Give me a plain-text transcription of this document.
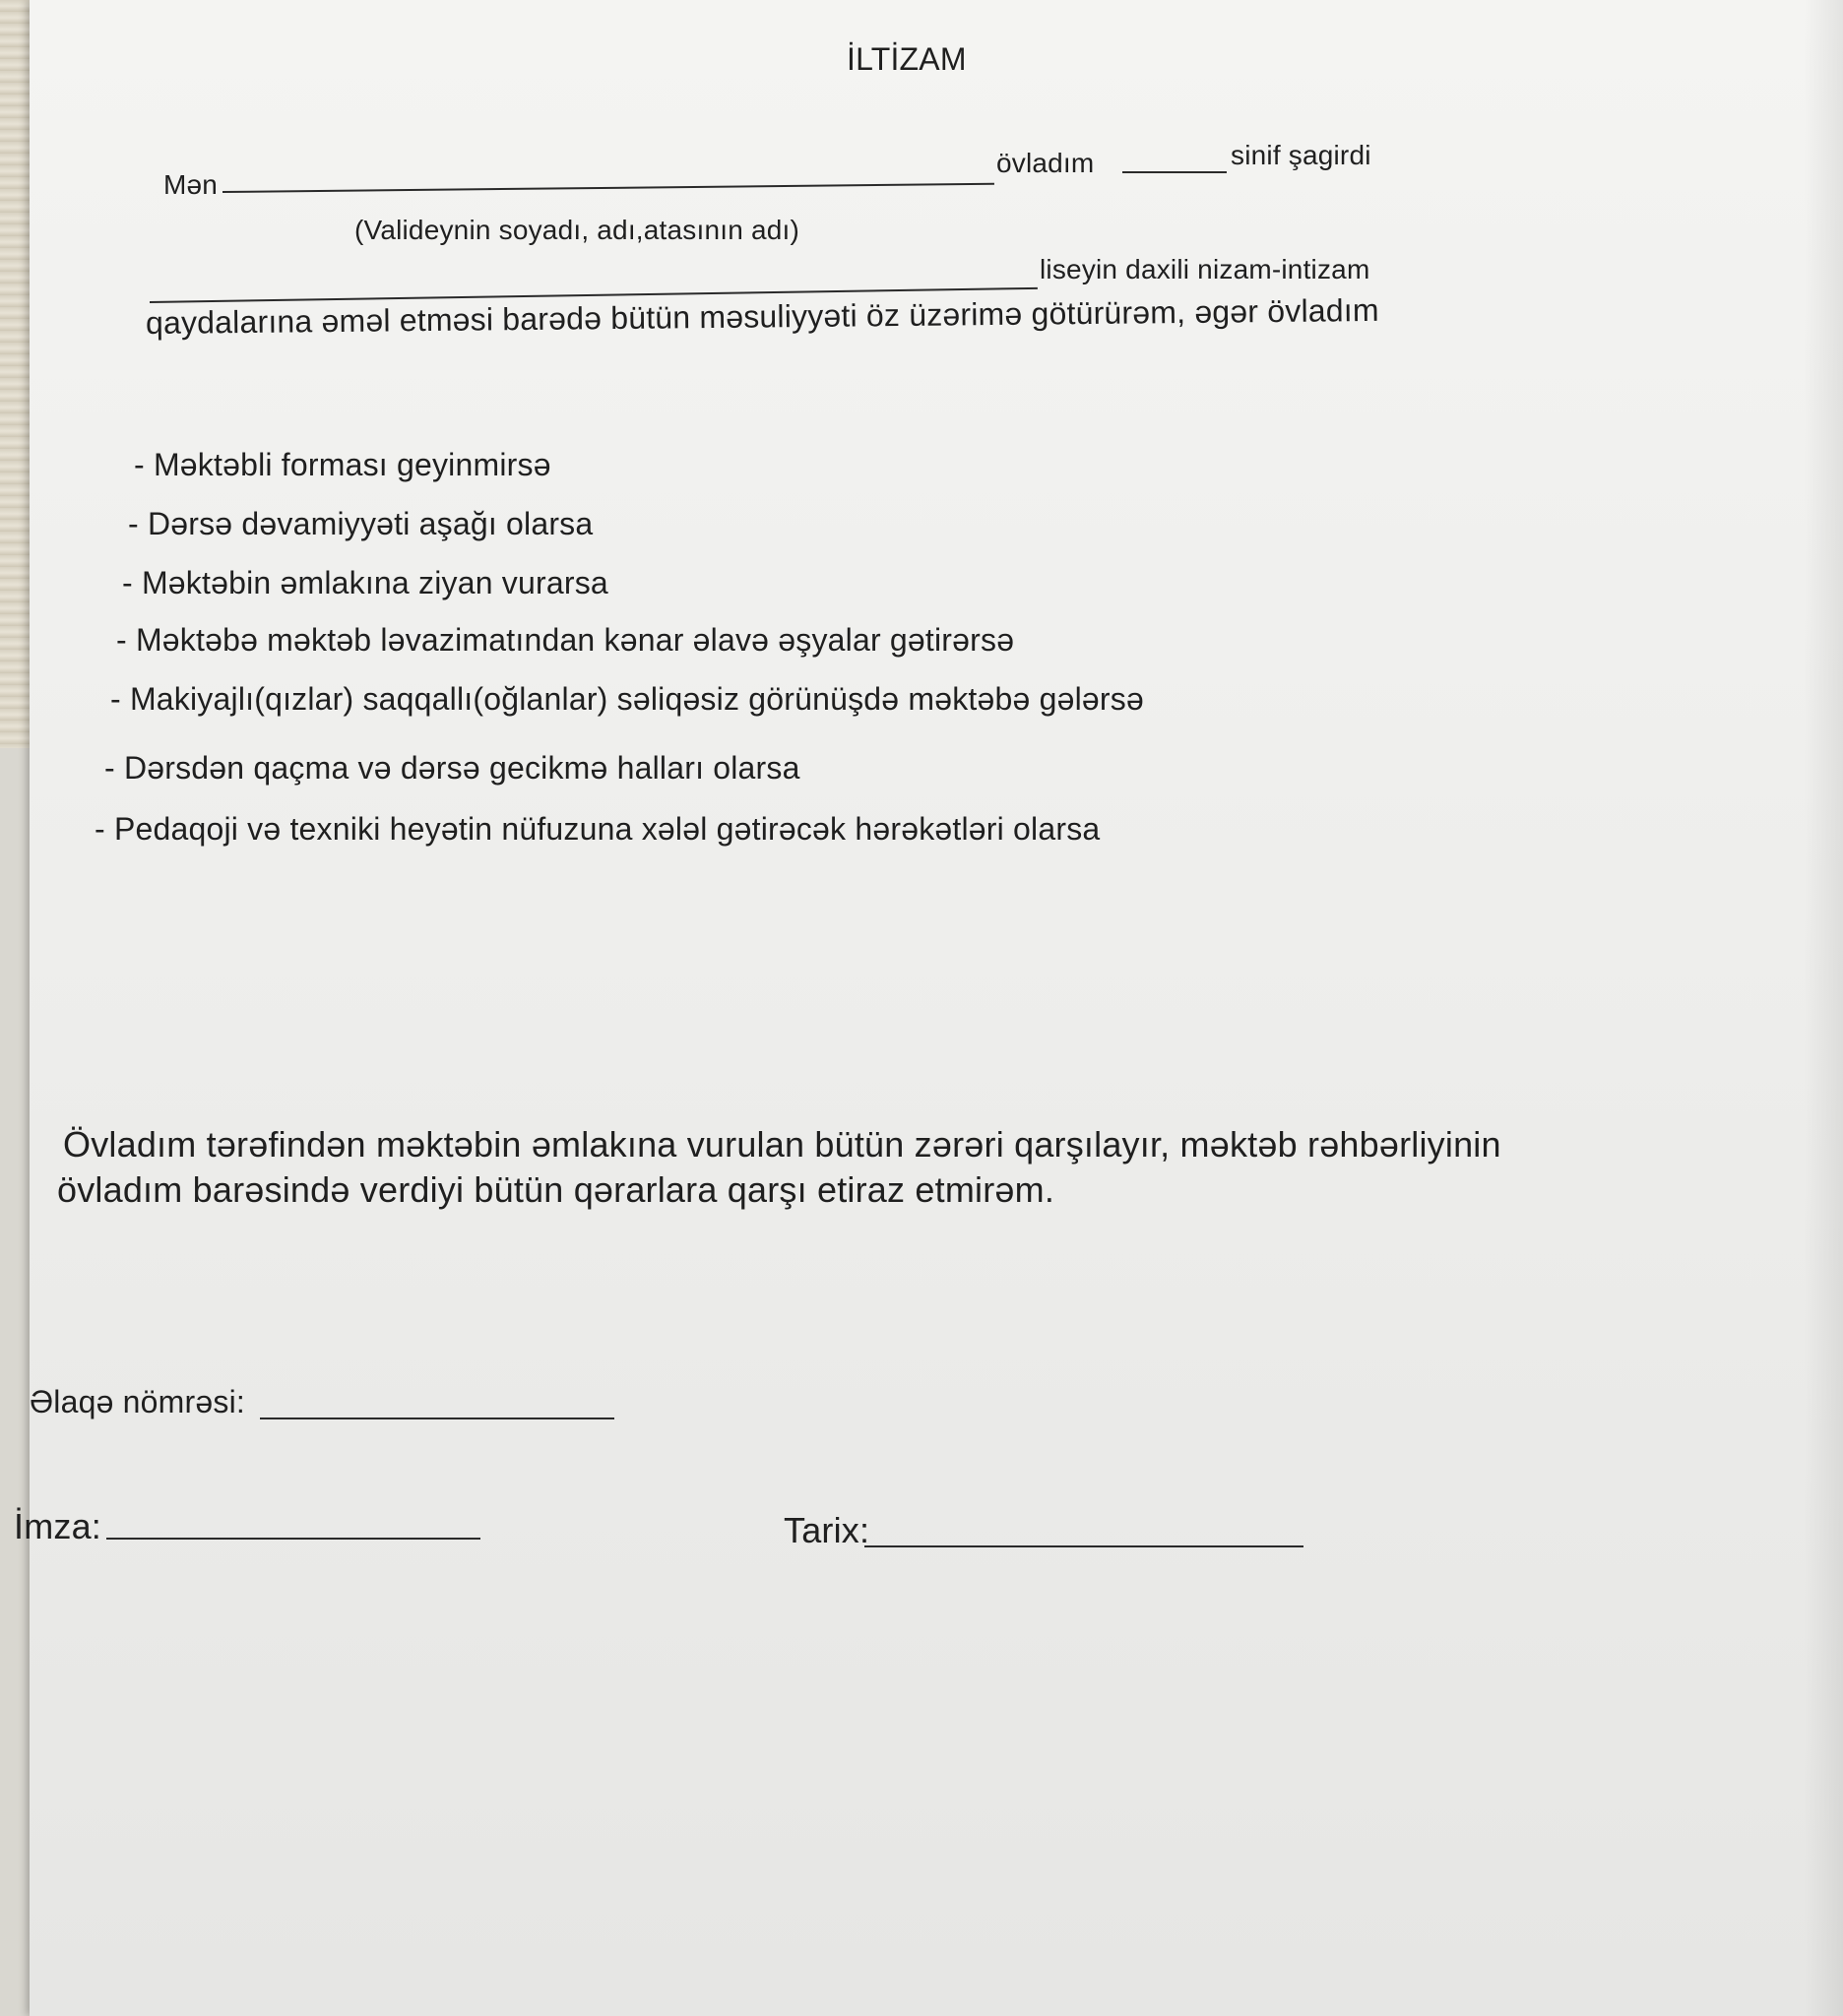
İLTİZAM
Mən
övladım	sinif şagirdi
(Valideynin soyadı, adı,atasının adı)
liseyin daxili nizam-intizam
qaydalarına əməl etməsi barədə bütün məsuliyyəti öz üzərimə götürürəm, əgər övladım
- Məktəbli forması geyinmirsə
- Dərsə dəvamiyyəti aşağı olarsa
- Məktəbin əmlakına ziyan vurarsa
- Məktəbə məktəb ləvazimatından kənar əlavə əşyalar gətirərsə
- Makiyajlı(qızlar) saqqallı(oğlanlar) səliqəsiz görünüşdə məktəbə gələrsə
- Dərsdən qaçma və dərsə gecikmə halları olarsa
- Pedaqoji və texniki heyətin nüfuzuna xələl gətirəcək hərəkətləri olarsa
Övladım tərəfindən məktəbin əmlakına vurulan bütün zərəri qarşılayır, məktəb rəhbərliyinin
övladım barəsində verdiyi bütün qərarlara qarşı etiraz etmirəm.
Əlaqə nömrəsi:
İmza:	Tarix:
